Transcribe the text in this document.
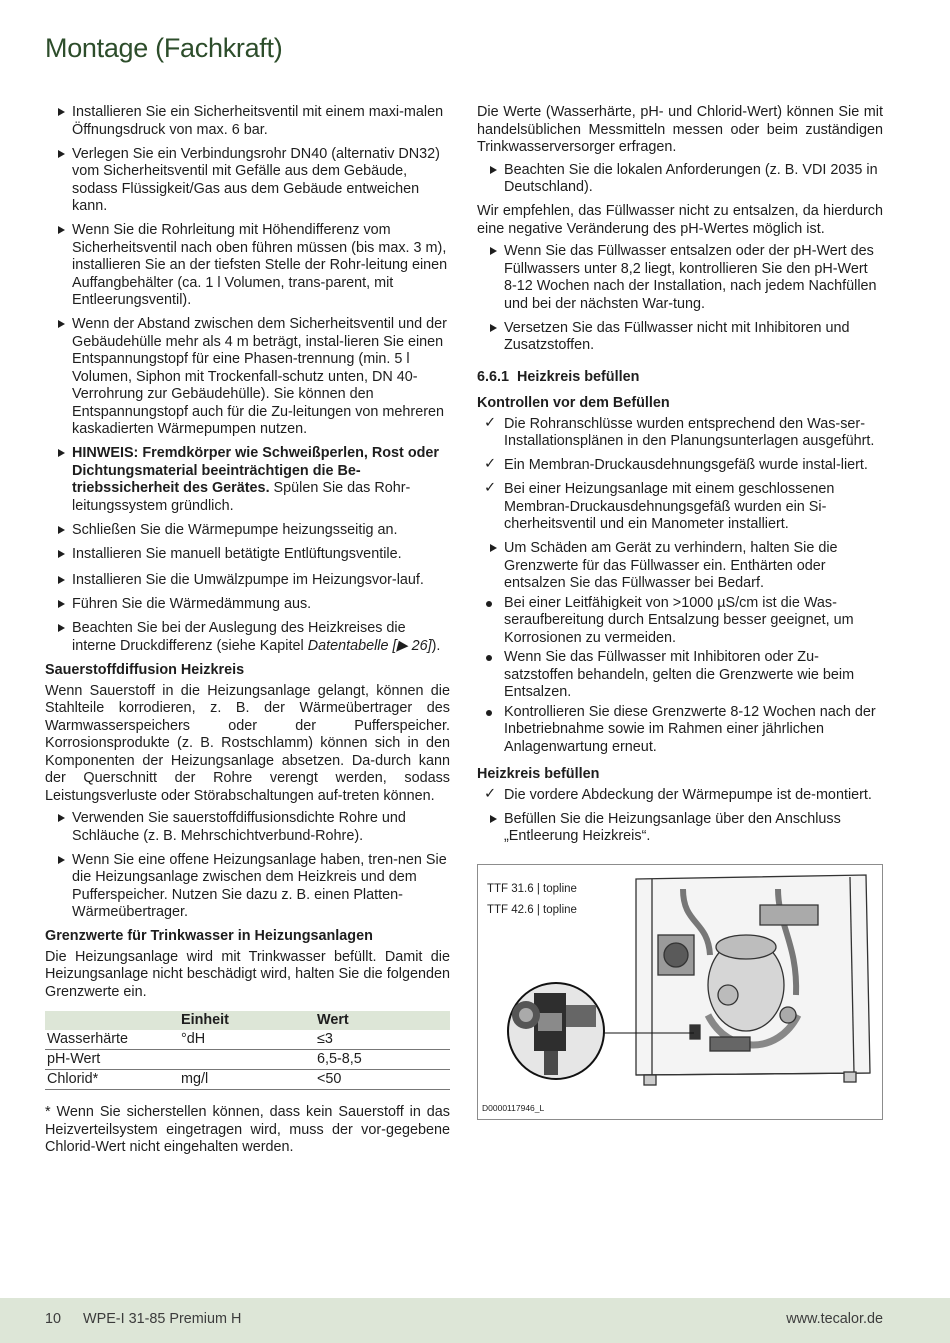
Montage (Fachkraft)
Installieren Sie ein Sicherheitsventil mit einem maxi-malen Öffnungsdruck von max. 6 bar.
Verlegen Sie ein Verbindungsrohr DN40 (alternativ DN32) vom Sicherheitsventil mit Gefälle aus dem Gebäude, sodass Flüssigkeit/Gas aus dem Gebäude entweichen kann.
Wenn Sie die Rohrleitung mit Höhendifferenz vom Sicherheitsventil nach oben führen müssen (bis max. 3 m), installieren Sie an der tiefsten Stelle der Rohr-leitung einen Auffangbehälter (ca. 1 l Volumen, trans-parent, mit Entleerungsventil).
Wenn der Abstand zwischen dem Sicherheitsventil und der Gebäudehülle mehr als 4 m beträgt, instal-lieren Sie einen Entspannungstopf für eine Phasen-trennung (min. 5 l Volumen, Siphon mit Trockenfall-schutz unten, DN 40-Verrohrung zur Gebäudehülle). Sie können den Entspannungstopf auch für die Zu-leitungen von mehreren kaskadierten Wärmepumpen nutzen.
HINWEIS: Fremdkörper wie Schweißperlen, Rost oder Dichtungsmaterial beeinträchtigen die Be-triebssicherheit des Gerätes. Spülen Sie das Rohr-leitungssystem gründlich.
Schließen Sie die Wärmepumpe heizungsseitig an.
Installieren Sie manuell betätigte Entlüftungsventile.
Installieren Sie die Umwälzpumpe im Heizungsvor-lauf.
Führen Sie die Wärmedämmung aus.
Beachten Sie bei der Auslegung des Heizkreises die interne Druckdifferenz (siehe Kapitel Datentabelle [▶ 26]).
Sauerstoffdiffusion Heizkreis
Wenn Sauerstoff in die Heizungsanlage gelangt, können die Stahlteile korrodieren, z. B. der Wärmeübertrager des Warmwasserspeichers oder der Pufferspeicher. Korrosionsprodukte (z. B. Rostschlamm) können sich in den Komponenten der Heizungsanlage absetzen. Da-durch kann der Querschnitt der Rohre verengt werden, sodass Leistungsverluste oder Störabschaltungen auf-treten können.
Verwenden Sie sauerstoffdiffusionsdichte Rohre und Schläuche (z. B. Mehrschichtverbund-Rohre).
Wenn Sie eine offene Heizungsanlage haben, tren-nen Sie die Heizungsanlage zwischen dem Heizkreis und dem Pufferspeicher. Nutzen Sie dazu z. B. einen Platten-Wärmeübertrager.
Grenzwerte für Trinkwasser in Heizungsanlagen
Die Heizungsanlage wird mit Trinkwasser befüllt. Damit die Heizungsanlage nicht beschädigt wird, halten Sie die folgenden Grenzwerte ein.
	Einheit	Wert
Wasserhärte	°dH	≤3
pH-Wert		6,5-8,5
Chlorid*	mg/l	<50
* Wenn Sie sicherstellen können, dass kein Sauerstoff in das Heizverteilsystem eingetragen wird, muss der vor-gegebene Chlorid-Wert nicht eingehalten werden.
Die Werte (Wasserhärte, pH- und Chlorid-Wert) können Sie mit handelsüblichen Messmitteln messen oder beim zuständigen Trinkwasserversorger erfragen.
Beachten Sie die lokalen Anforderungen (z. B. VDI 2035 in Deutschland).
Wir empfehlen, das Füllwasser nicht zu entsalzen, da hierdurch eine negative Veränderung des pH-Wertes möglich ist.
Wenn Sie das Füllwasser entsalzen oder der pH-Wert des Füllwassers unter 8,2 liegt, kontrollieren Sie den pH-Wert 8-12 Wochen nach der Installation, nach jedem Nachfüllen und bei der nächsten War-tung.
Versetzen Sie das Füllwasser nicht mit Inhibitoren und Zusatzstoffen.
6.6.1 Heizkreis befüllen
Kontrollen vor dem Befüllen
✓ Die Rohranschlüsse wurden entsprechend den Was-ser-Installationsplänen in den Planungsunterlagen ausgeführt.
✓ Ein Membran-Druckausdehnungsgefäß wurde instal-liert.
✓ Bei einer Heizungsanlage mit einem geschlossenen Membran-Druckausdehnungsgefäß wurden ein Si-cherheitsventil und ein Manometer installiert.
Um Schäden am Gerät zu verhindern, halten Sie die Grenzwerte für das Füllwasser ein. Enthärten oder entsalzen Sie das Füllwasser bei Bedarf.
Bei einer Leitfähigkeit von >1000 µS/cm ist die Was-seraufbereitung durch Entsalzung besser geeignet, um Korrosionen zu vermeiden.
Wenn Sie das Füllwasser mit Inhibitoren oder Zu-satzstoffen behandeln, gelten die Grenzwerte wie beim Entsalzen.
Kontrollieren Sie diese Grenzwerte 8-12 Wochen nach der Inbetriebnahme sowie im Rahmen einer jährlichen Anlagenwartung erneut.
Heizkreis befüllen
✓ Die vordere Abdeckung der Wärmepumpe ist de-montiert.
Befüllen Sie die Heizungsanlage über den Anschluss „Entleerung Heizkreis“.
TTF 31.6 | topline
TTF 42.6 | topline
D0000117946_L
10 WPE-I 31-85 Premium H	www.tecalor.de
